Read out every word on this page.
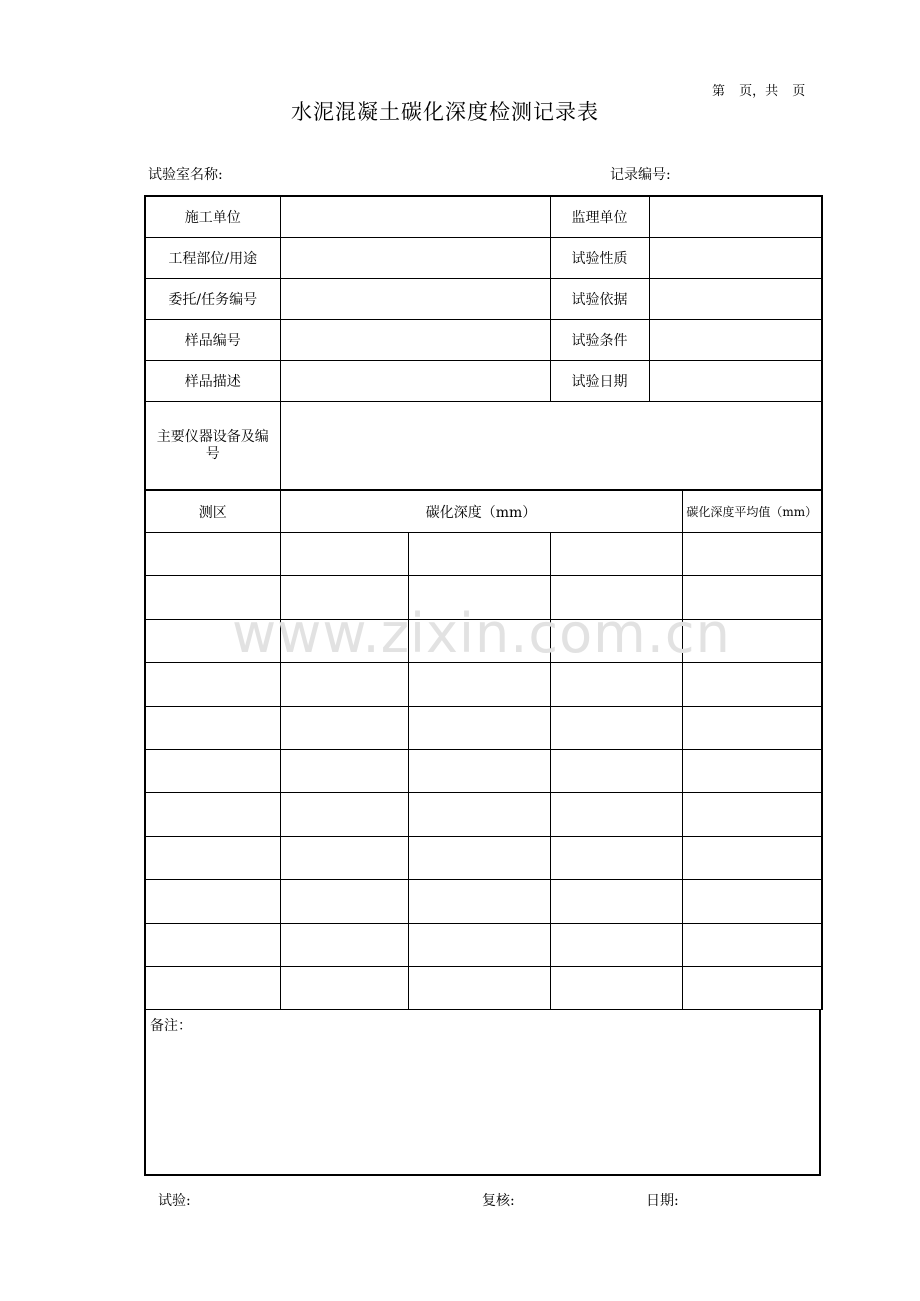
第 页，共 页
水泥混凝土碳化深度检测记录表
试验室名称:	记录编号:
施工单位		监理单位	
工程部位/用途		试验性质	
委托/任务编号		试验依据	
样品编号		试验条件	
样品描述		试验日期	

主要仪器设备及编号			

测区	碳化深度（mm）			碳化深度平均值（mm）

备注：
试验:	复核:	日期:
www.zixin.com.cn
